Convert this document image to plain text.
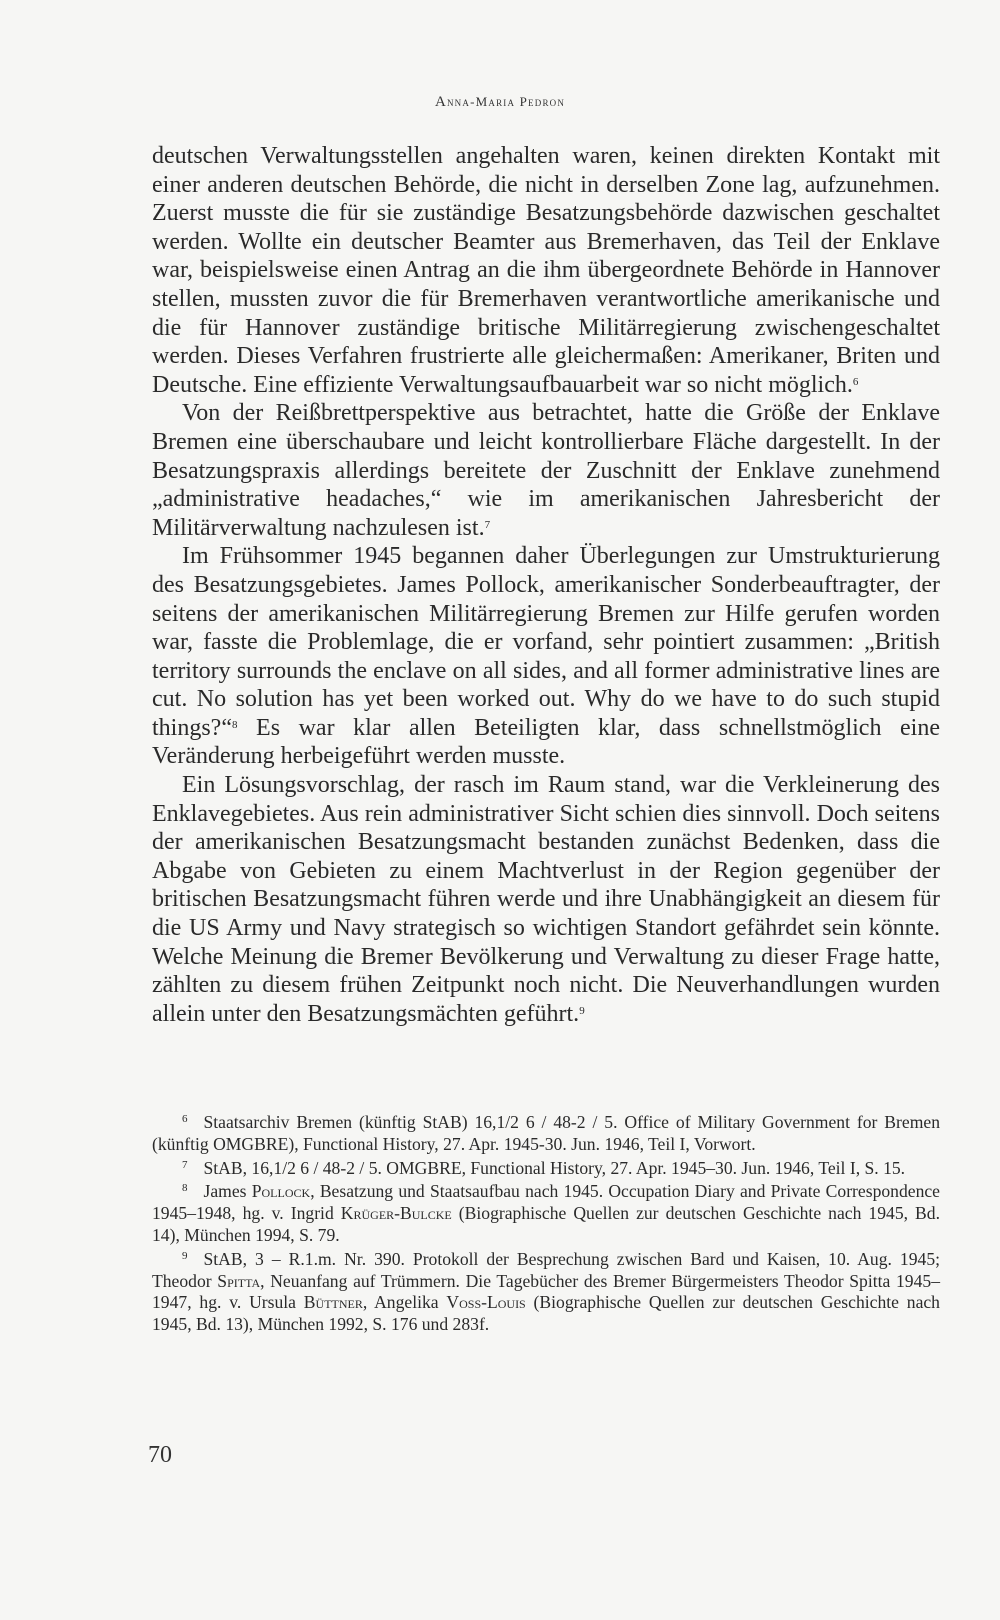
Anna-Maria Pedron

deutschen Verwaltungsstellen angehalten waren, keinen direkten Kontakt mit einer anderen deutschen Behörde, die nicht in derselben Zone lag, aufzunehmen. Zuerst musste die für sie zuständige Besatzungsbehörde dazwischen geschaltet werden. Wollte ein deutscher Beamter aus Bremerhaven, das Teil der Enklave war, beispielsweise einen Antrag an die ihm übergeordnete Behörde in Hannover stellen, mussten zuvor die für Bremerhaven verantwortliche amerikanische und die für Hannover zuständige britische Militärregierung zwischengeschaltet werden. Dieses Verfahren frustrierte alle gleichermaßen: Amerikaner, Briten und Deutsche. Eine effiziente Verwaltungsaufbauarbeit war so nicht möglich.$^6$

Von der Reißbrettperspektive aus betrachtet, hatte die Größe der Enklave Bremen eine überschaubare und leicht kontrollierbare Fläche dargestellt. In der Besatzungspraxis allerdings bereitete der Zuschnitt der Enklave zunehmend „administrative headaches,“ wie im amerikanischen Jahresbericht der Militärverwaltung nachzulesen ist.$^7$

Im Frühsommer 1945 begannen daher Überlegungen zur Umstrukturierung des Besatzungsgebietes. James Pollock, amerikanischer Sonderbeauftragter, der seitens der amerikanischen Militärregierung Bremen zur Hilfe gerufen worden war, fasste die Problemlage, die er vorfand, sehr pointiert zusammen: „British territory surrounds the enclave on all sides, and all former administrative lines are cut. No solution has yet been worked out. Why do we have to do such stupid things?“$^8$ Es war klar allen Beteiligten klar, dass schnellstmöglich eine Veränderung herbeigeführt werden musste.

Ein Lösungsvorschlag, der rasch im Raum stand, war die Verkleinerung des Enklavegebietes. Aus rein administrativer Sicht schien dies sinnvoll. Doch seitens der amerikanischen Besatzungsmacht bestanden zunächst Bedenken, dass die Abgabe von Gebieten zu einem Machtverlust in der Region gegenüber der britischen Besatzungsmacht führen werde und ihre Unabhängigkeit an diesem für die US Army und Navy strategisch so wichtigen Standort gefährdet sein könnte. Welche Meinung die Bremer Bevölkerung und Verwaltung zu dieser Frage hatte, zählten zu diesem frühen Zeitpunkt noch nicht. Die Neuverhandlungen wurden allein unter den Besatzungsmächten geführt.$^9$

$^6$ Staatsarchiv Bremen (künftig StAB) 16,1/2 6 / 48-2 / 5. Office of Military Government for Bremen (künftig OMGBRE), Functional History, 27. Apr. 1945-30. Jun. 1946, Teil I, Vorwort.

$^7$ StAB, 16,1/2 6 / 48-2 / 5. OMGBRE, Functional History, 27. Apr. 1945–30. Jun. 1946, Teil I, S. 15.

$^8$ James Pollock, Besatzung und Staatsaufbau nach 1945. Occupation Diary and Private Correspondence 1945–1948, hg. v. Ingrid Krüger-Bulcke (Biographische Quellen zur deutschen Geschichte nach 1945, Bd. 14), München 1994, S. 79.

$^9$ StAB, 3 – R.1.m. Nr. 390. Protokoll der Besprechung zwischen Bard und Kaisen, 10. Aug. 1945; Theodor Spitta, Neuanfang auf Trümmern. Die Tagebücher des Bremer Bürgermeisters Theodor Spitta 1945–1947, hg. v. Ursula Büttner, Angelika Voss-Louis (Biographische Quellen zur deutschen Geschichte nach 1945, Bd. 13), München 1992, S. 176 und 283f.

70
